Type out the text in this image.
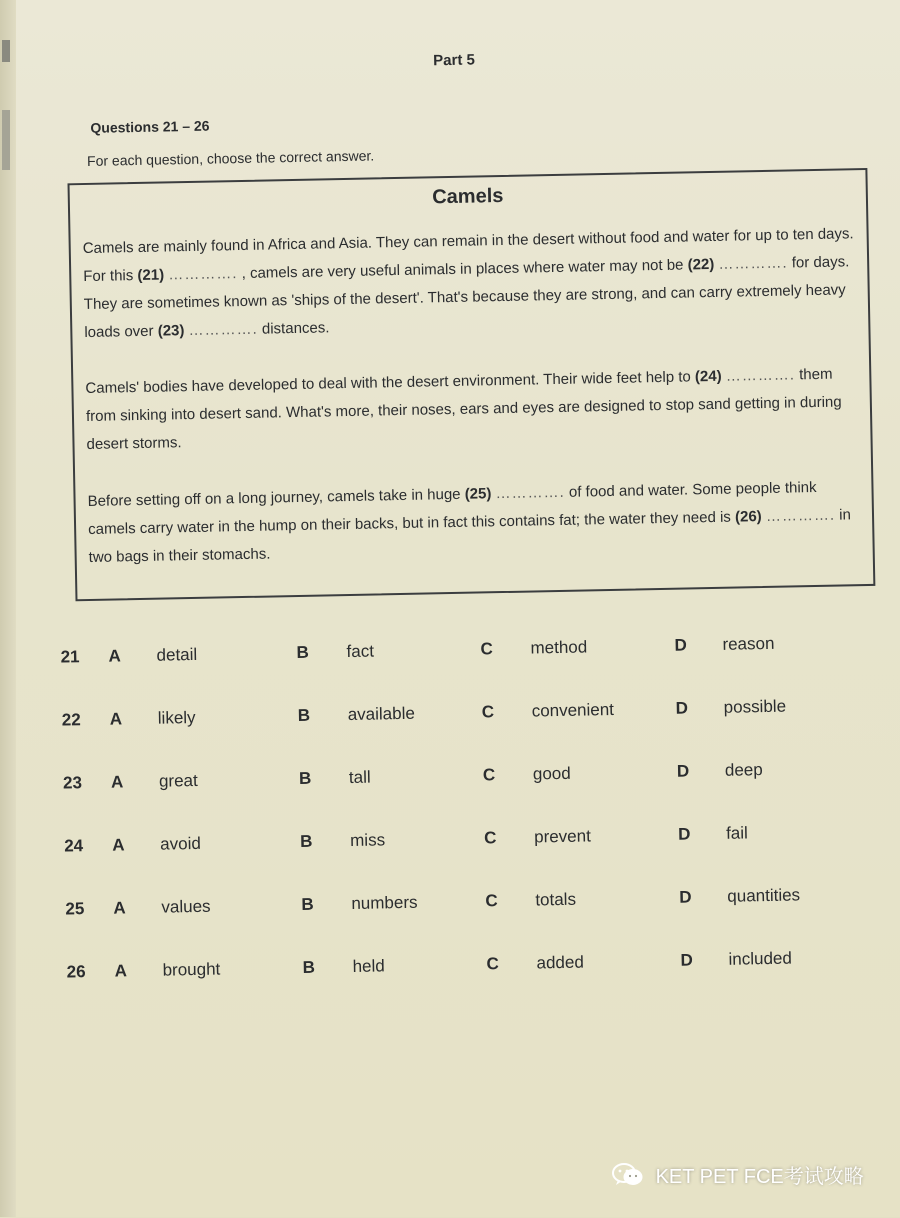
Part 5
Questions 21 – 26
For each question, choose the correct answer.
Camels

Camels are mainly found in Africa and Asia. They can remain in the desert without food and water for up to ten days. For this (21) …………. , camels are very useful animals in places where water may not be (22) …………. for days. They are sometimes known as 'ships of the desert'. That's because they are strong, and can carry extremely heavy loads over (23) …………. distances.

Camels' bodies have developed to deal with the desert environment. Their wide feet help to (24) …………. them from sinking into desert sand. What's more, their noses, ears and eyes are designed to stop sand getting in during desert storms.

Before setting off on a long journey, camels take in huge (25) …………. of food and water. Some people think camels carry water in the hump on their backs, but in fact this contains fat; the water they need is (26) …………. in two bags in their stomachs.

21 A detail	B fact	C method	D reason
22 A likely	B available	C convenient	D possible
23 A great	B tall	C good	D deep
24 A avoid	B miss	C prevent	D fail
25 A values	B numbers	C totals	D quantities
26 A brought	B held	C added	D included
KET PET FCE考试攻略
